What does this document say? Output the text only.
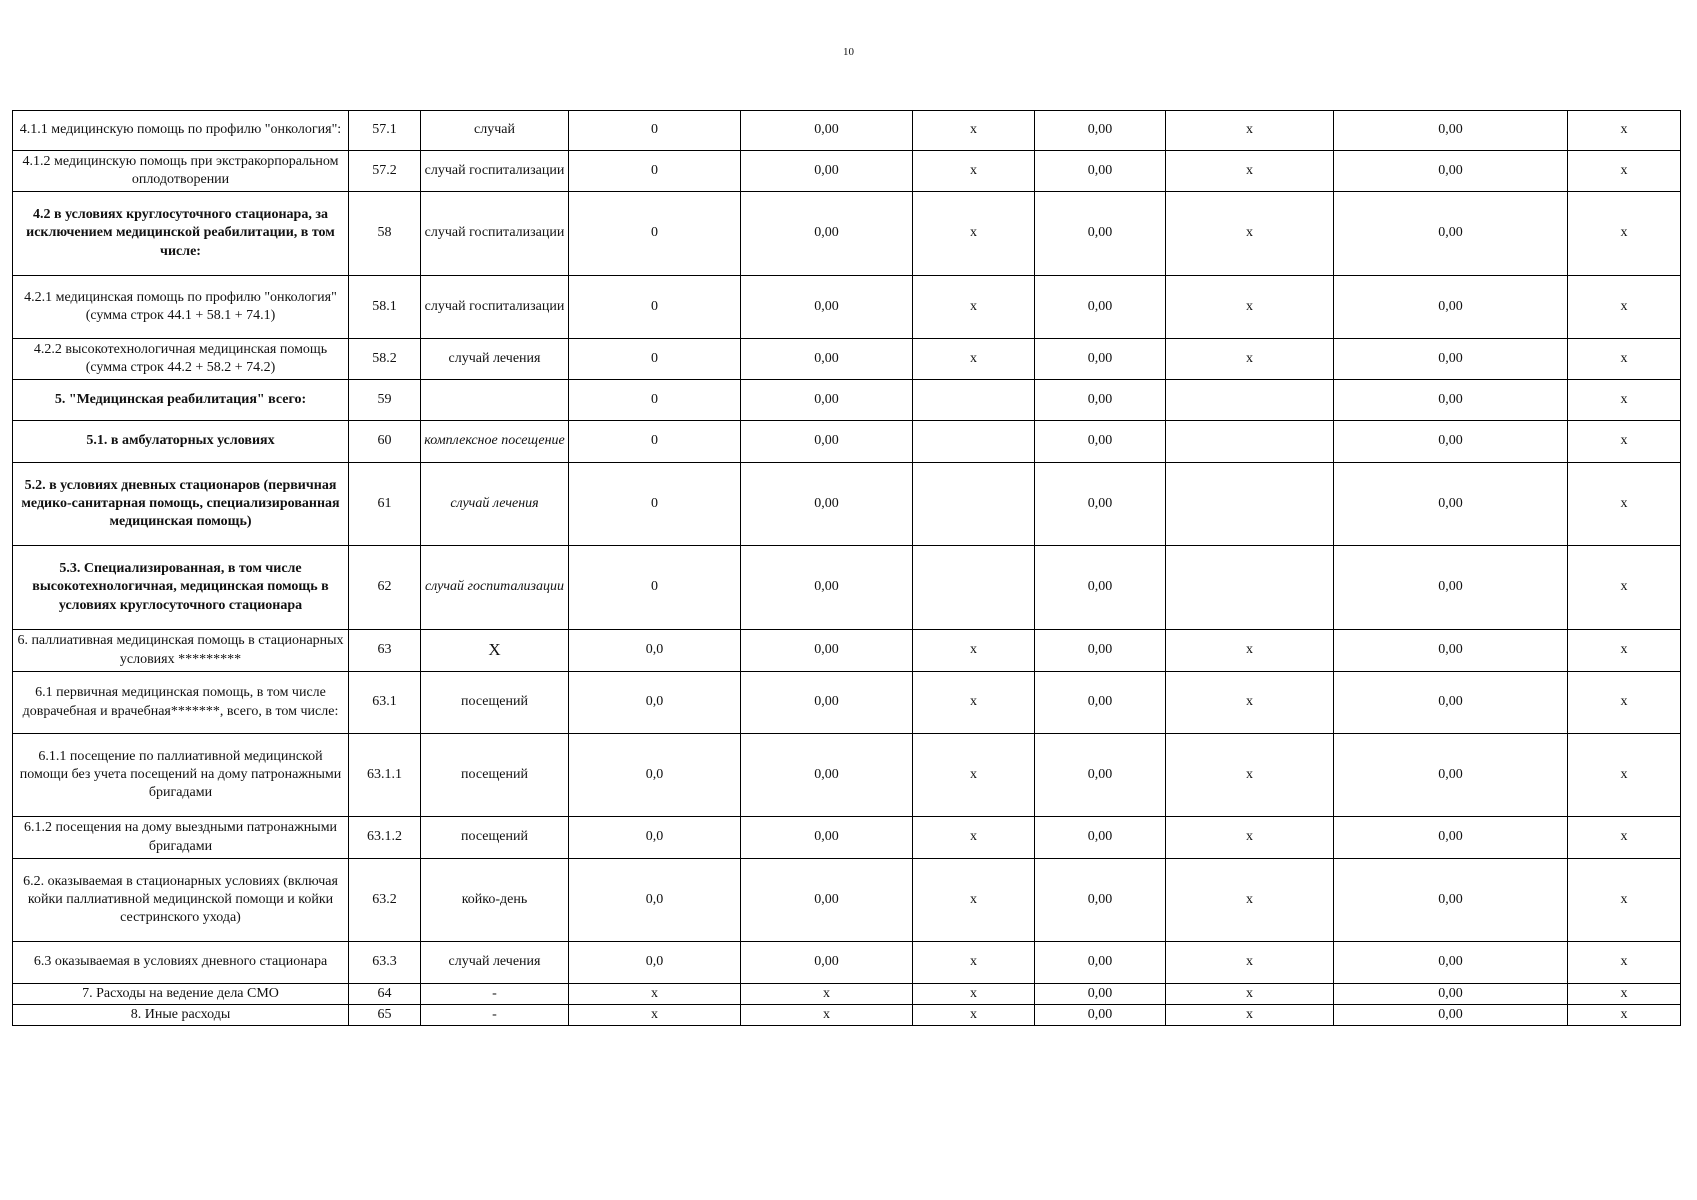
10
4.1.1 медицинскую помощь по профилю "онкология":	57.1	случай	0	0,00	х	0,00	х	0,00	х
4.1.2 медицинскую помощь при экстракорпоральном оплодотворении	57.2	случай госпитализации	0	0,00	х	0,00	х	0,00	х
4.2 в условиях круглосуточного стационара, за исключением медицинской реабилитации, в том числе:	58	случай госпитализации	0	0,00	х	0,00	х	0,00	х
4.2.1 медицинская помощь по профилю "онкология" (сумма строк 44.1 + 58.1 + 74.1)	58.1	случай госпитализации	0	0,00	х	0,00	х	0,00	х
4.2.2 высокотехнологичная медицинская помощь (сумма строк 44.2 + 58.2 + 74.2)	58.2	случай лечения	0	0,00	х	0,00	х	0,00	х
5. "Медицинская реабилитация" всего:	59		0	0,00		0,00		0,00	х
5.1. в амбулаторных условиях	60	комплексное посещение	0	0,00		0,00		0,00	х
5.2. в условиях дневных стационаров (первичная медико-санитарная помощь, специализированная медицинская помощь)	61	случай лечения	0	0,00		0,00		0,00	х
5.3. Специализированная, в том числе высокотехнологичная, медицинская помощь в условиях круглосуточного стационара	62	случай госпитализации	0	0,00		0,00		0,00	х
6. паллиативная медицинская помощь в стационарных условиях *********	63	Х	0,0	0,00	х	0,00	х	0,00	х
6.1 первичная медицинская помощь, в том числе доврачебная и врачебная*******, всего, в том числе:	63.1	посещений	0,0	0,00	х	0,00	х	0,00	х
6.1.1 посещение по паллиативной медицинской помощи без учета посещений на дому патронажными бригадами	63.1.1	посещений	0,0	0,00	х	0,00	х	0,00	х
6.1.2 посещения на дому выездными патронажными бригадами	63.1.2	посещений	0,0	0,00	х	0,00	х	0,00	х
6.2. оказываемая в стационарных условиях (включая койки паллиативной медицинской помощи и койки сестринского ухода)	63.2	койко-день	0,0	0,00	х	0,00	х	0,00	х
6.3 оказываемая в условиях дневного стационара	63.3	случай лечения	0,0	0,00	х	0,00	х	0,00	х
7. Расходы на ведение дела СМО	64	-	х	х	х	0,00	х	0,00	х
8. Иные расходы	65	-	х	х	х	0,00	х	0,00	х
